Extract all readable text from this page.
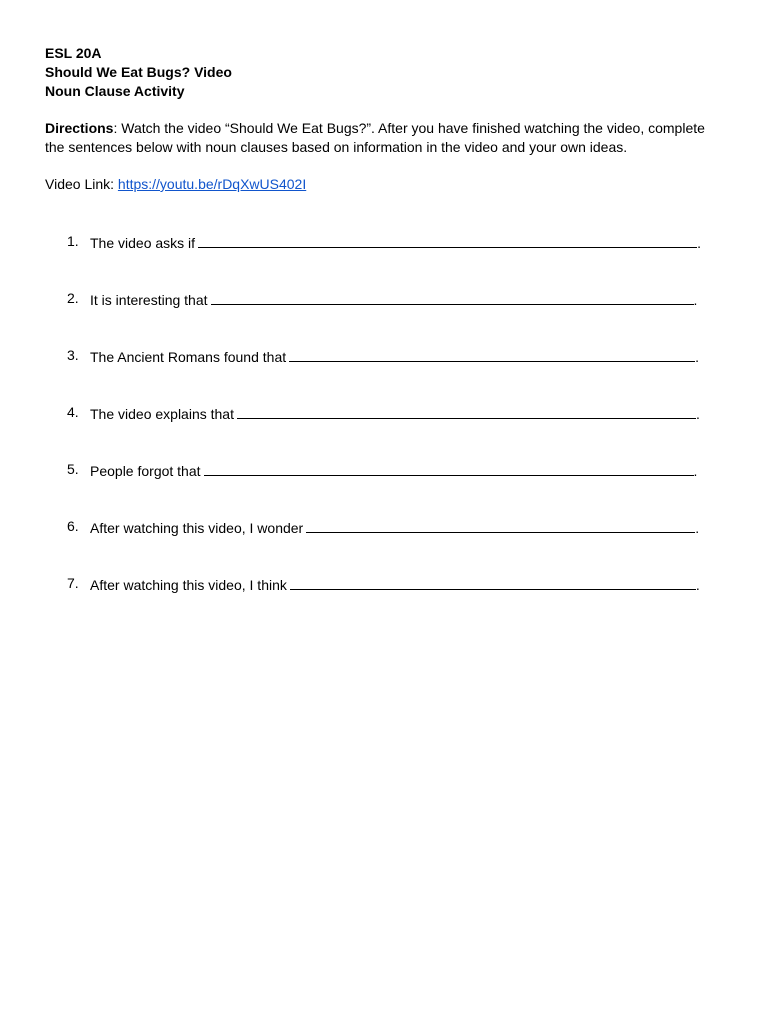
ESL 20A
Should We Eat Bugs? Video
Noun Clause Activity
Directions: Watch the video “Should We Eat Bugs?”. After you have finished watching the video, complete the sentences below with noun clauses based on information in the video and your own ideas.
Video Link: https://youtu.be/rDqXwUS402I
1. The video asks if	.
2. It is interesting that	.
3. The Ancient Romans found that	.
4. The video explains that	.
5. People forgot that	.
6. After watching this video, I wonder	.
7. After watching this video, I think	.
